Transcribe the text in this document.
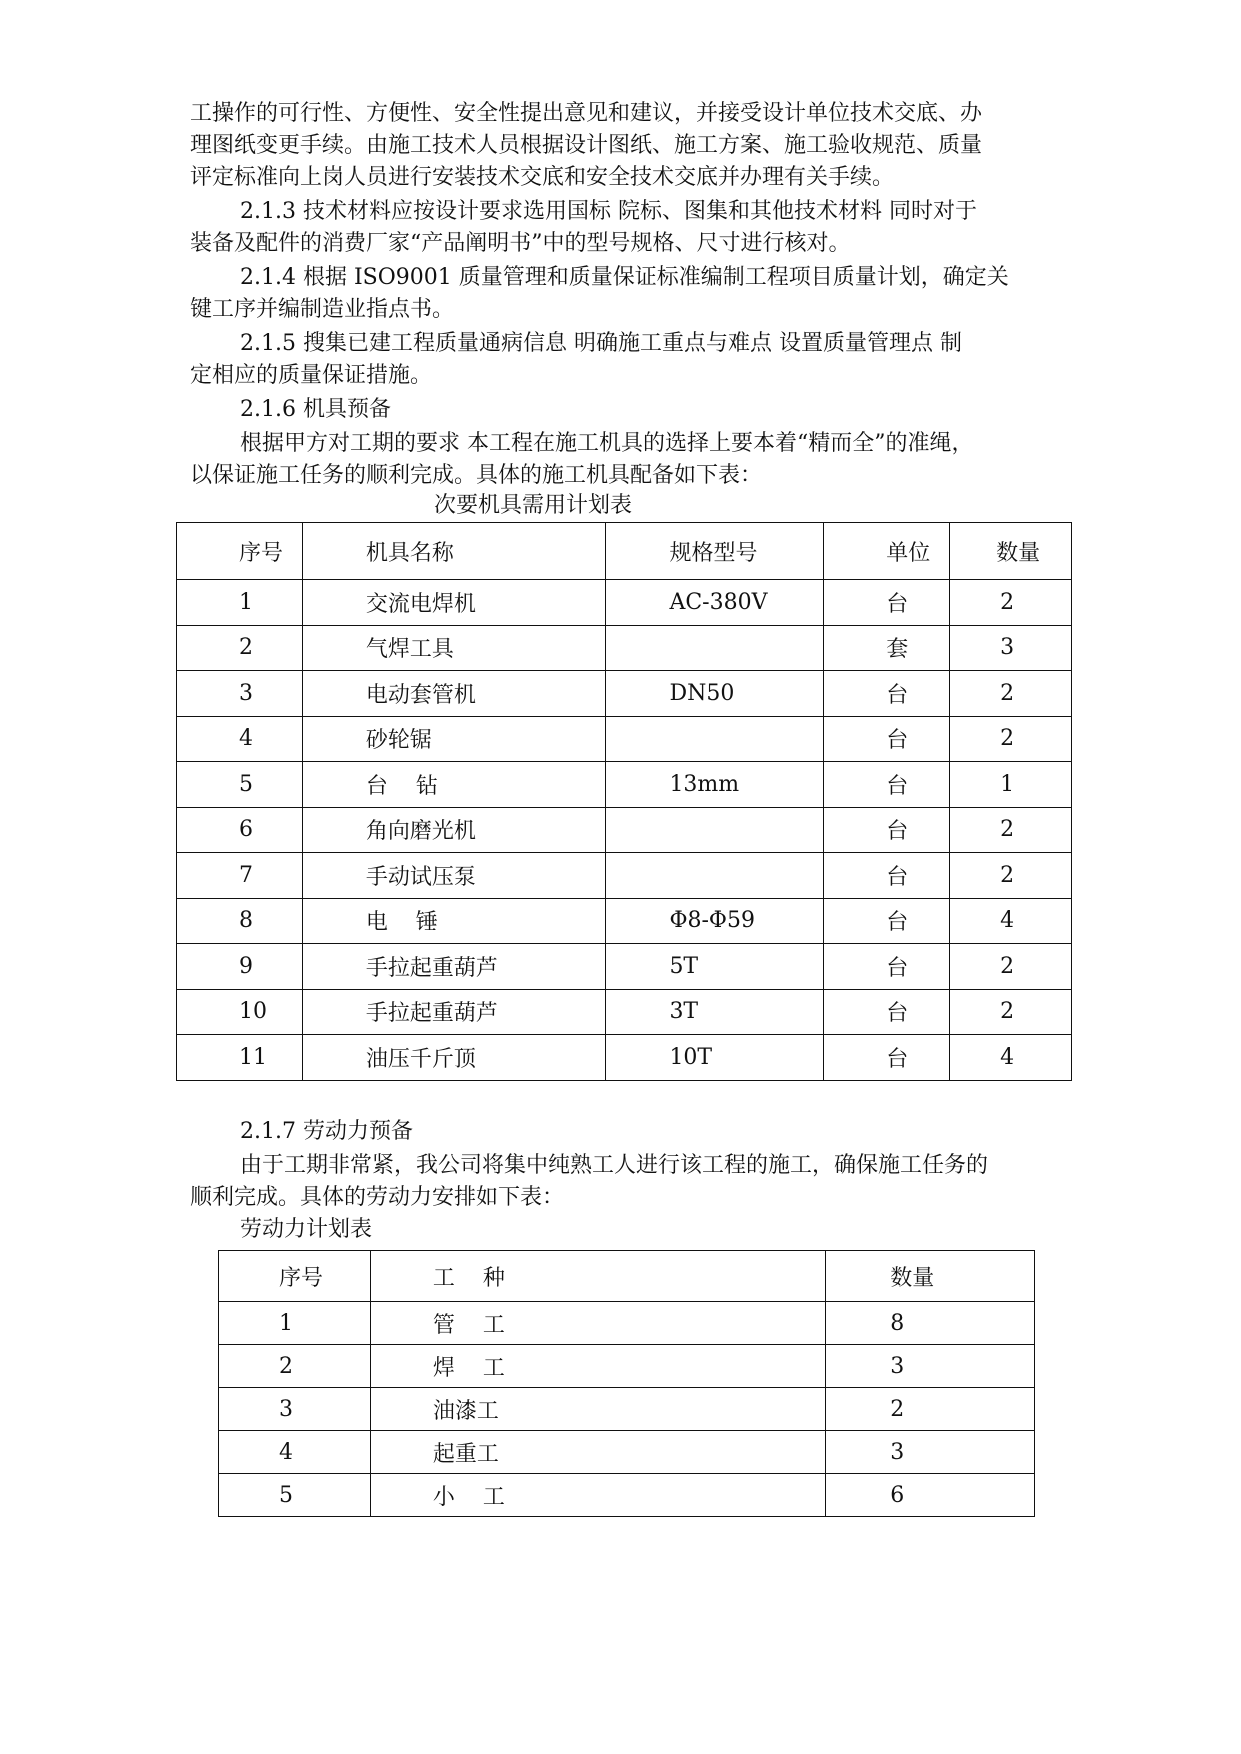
工操作的可行性、方便性、安全性提出意见和建议，并接受设计单位技术交底、办
理图纸变更手续。由施工技术人员根据设计图纸、施工方案、施工验收规范、质量
评定标准向上岗人员进行安装技术交底和安全技术交底并办理有关手续。
2.1.3 技术材料应按设计要求选用国标 院标、图集和其他技术材料 同时对于
装备及配件的消费厂家“产品阐明书”中的型号规格、尺寸进行核对。
2.1.4 根据 ISO9001 质量管理和质量保证标准编制工程项目质量计划，确定关
键工序并编制造业指点书。
2.1.5 搜集已建工程质量通病信息 明确施工重点与难点 设置质量管理点 制
定相应的质量保证措施。
2.1.6 机具预备
根据甲方对工期的要求 本工程在施工机具的选择上要本着“精而全”的准绳，
以保证施工任务的顺利完成。具体的施工机具配备如下表：
次要机具需用计划表
序号	机具名称	规格型号	单位	数量
1	交流电焊机	AC-380V	台	2
2	气焊工具		套	3
3	电动套管机	DN50	台	2
4	砂轮锯		台	2
5	台    钻	13mm	台	1
6	角向磨光机		台	2
7	手动试压泵		台	2
8	电    锤	Φ8-Φ59	台	4
9	手拉起重葫芦	5T	台	2
10	手拉起重葫芦	3T	台	2
11	油压千斤顶	10T	台	4
2.1.7 劳动力预备
由于工期非常紧，我公司将集中纯熟工人进行该工程的施工，确保施工任务的
顺利完成。具体的劳动力安排如下表：
劳动力计划表
序号	工    种	数量
1	管    工	8
2	焊    工	3
3	油漆工	2
4	起重工	3
5	小    工	6
